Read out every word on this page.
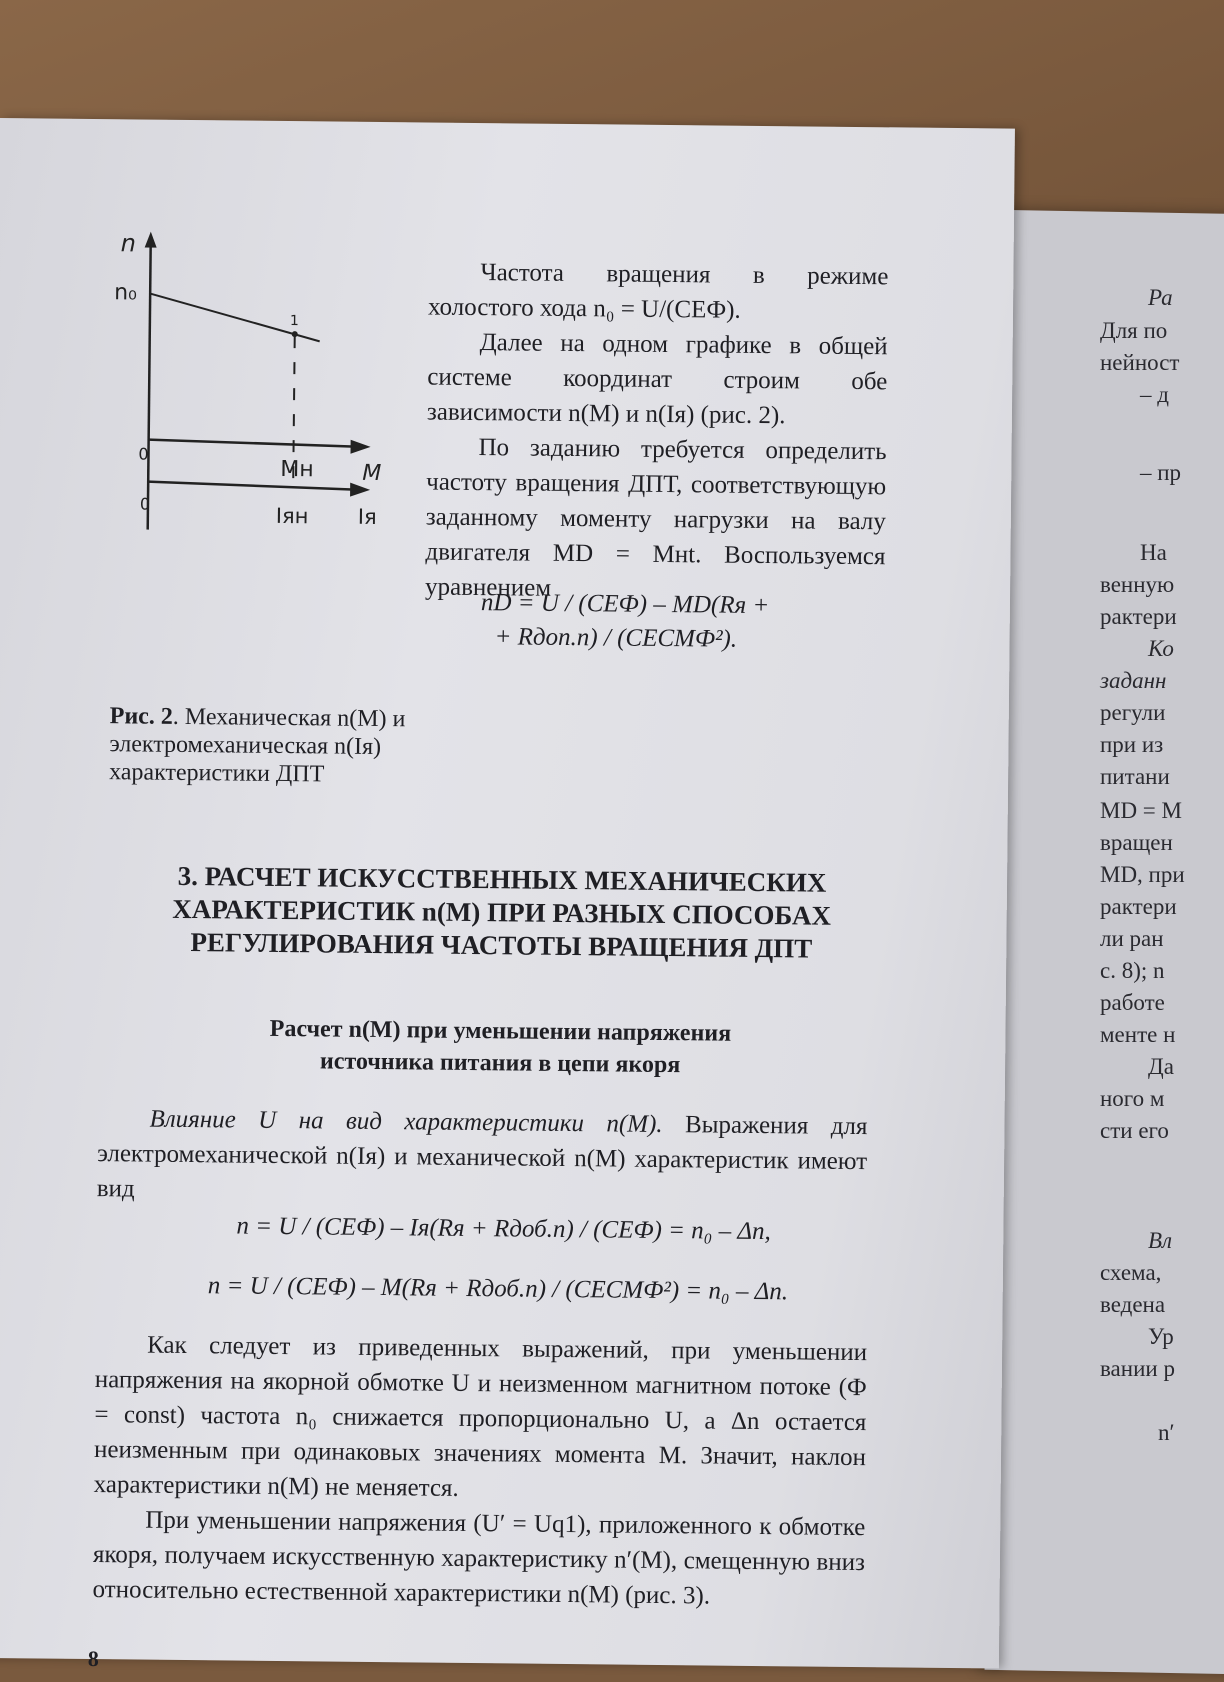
Ра
Для по
нейност
– д
– пр
На
венную
рактери
Ко
заданн
регули
при из
питани
MD = M
вращен
MD, при
рактери
ли ран
с. 8); n
работе
менте н
Да
ного м
сти его
Вл
схема,
ведена
Ур
вании р
n′
n
n₀
1
0
Mн M
0	Iян Iя
Рис. 2. Механическая n(M) и электромеханическая n(Iя) характеристики ДПТ

Частота вращения в режиме холостого хода n₀ = U/(CEФ).

Далее на одном графике в общей системе координат строим обе зависимости n(M) и n(Iя) (рис. 2).

По заданию требуется определить частоту вращения ДПТ, соответствующую заданному моменту нагрузки на валу двигателя MD = Mнt. Воспользуемся уравнением

nD = U / (CEФ) – MD(Rя +
+ Rдоп.п) / (CECMФ²).
3. РАСЧЕТ ИСКУССТВЕННЫХ МЕХАНИЧЕСКИХ ХАРАКТЕРИСТИК n(M) ПРИ РАЗНЫХ СПОСОБАХ РЕГУЛИРОВАНИЯ ЧАСТОТЫ ВРАЩЕНИЯ ДПТ
Расчет n(M) при уменьшении напряжения
источника питания в цепи якоря

Влияние U на вид характеристики n(M). Выражения для электромеханической n(Iя) и механической n(M) характеристик имеют вид

n = U / (CEФ) – Iя(Rя + Rдоб.п) / (CEФ) = n₀ – Δn,
n = U / (CEФ) – M(Rя + Rдоб.п) / (CECMФ²) = n₀ – Δn.

Как следует из приведенных выражений, при уменьшении напряжения на якорной обмотке U и неизменном магнитном потоке (Ф = const) частота n₀ снижается пропорционально U, а Δn остается неизменным при одинаковых значениях момента M. Значит, наклон характеристики n(M) не меняется.

При уменьшении напряжения (U′ = Uq1), приложенного к обмотке якоря, получаем искусственную характеристику n′(M), смещенную вниз относительно естественной характеристики n(M) (рис. 3).

8
